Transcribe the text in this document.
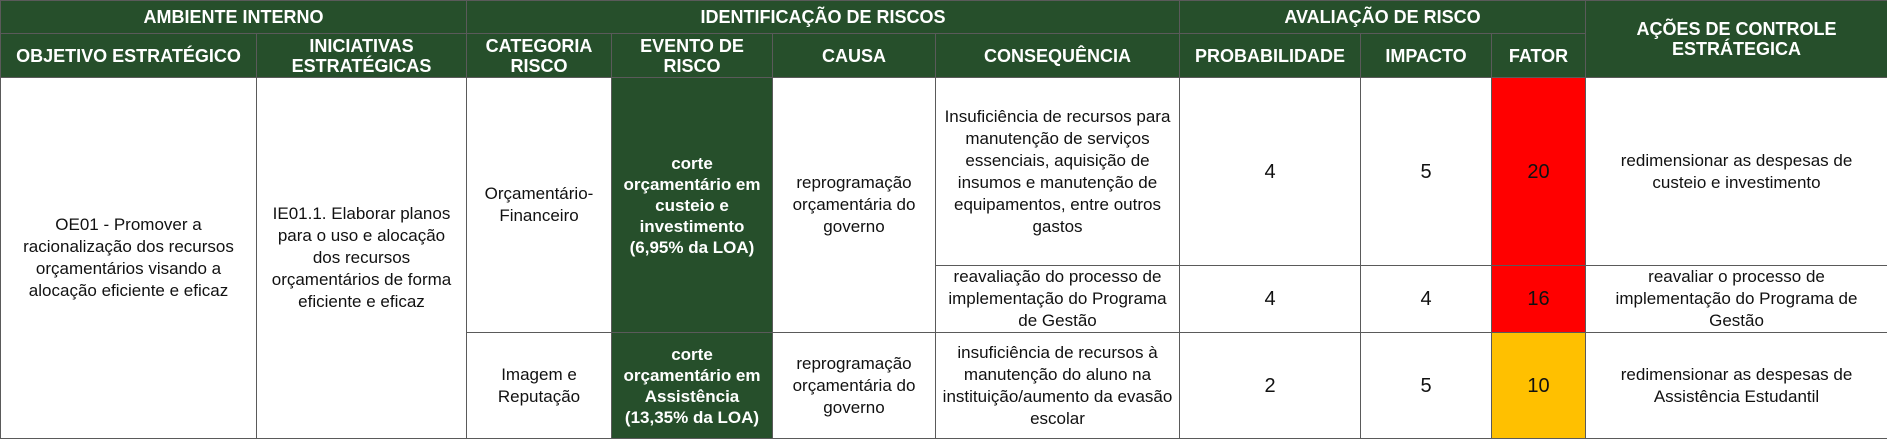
AMBIENTE INTERNO		IDENTIFICAÇÃO DE RISCOS				AVALIAÇÃO DE RISCO			AÇÕES DE CONTROLE ESTRÁTEGICA
OBJETIVO ESTRATÉGICO	INICIATIVAS ESTRATÉGICAS	CATEGORIA RISCO	EVENTO DE RISCO	CAUSA	CONSEQUÊNCIA	PROBABILIDADE	IMPACTO	FATOR	
OE01 - Promover a racionalização dos recursos orçamentários visando a alocação eficiente e eficaz	IE01.1. Elaborar planos para o uso e alocação dos recursos orçamentários de forma eficiente e eficaz	Orçamentário-Financeiro	corte orçamentário em custeio e investimento (6,95% da LOA)	reprogramação orçamentária do governo	Insuficiência de recursos para manutenção de serviços essenciais, aquisição de insumos e manutenção de equipamentos, entre outros gastos	4	5	20	redimensionar as despesas de custeio e investimento
					reavaliação do processo de implementação do Programa de Gestão	4	4	16	reavaliar o processo de implementação do Programa de Gestão
		Imagem e Reputação	corte orçamentário em Assistência (13,35% da LOA)	reprogramação orçamentária do governo	insuficiência de recursos à manutenção do aluno na instituição/aumento da evasão escolar	2	5	10	redimensionar as despesas de Assistência Estudantil
